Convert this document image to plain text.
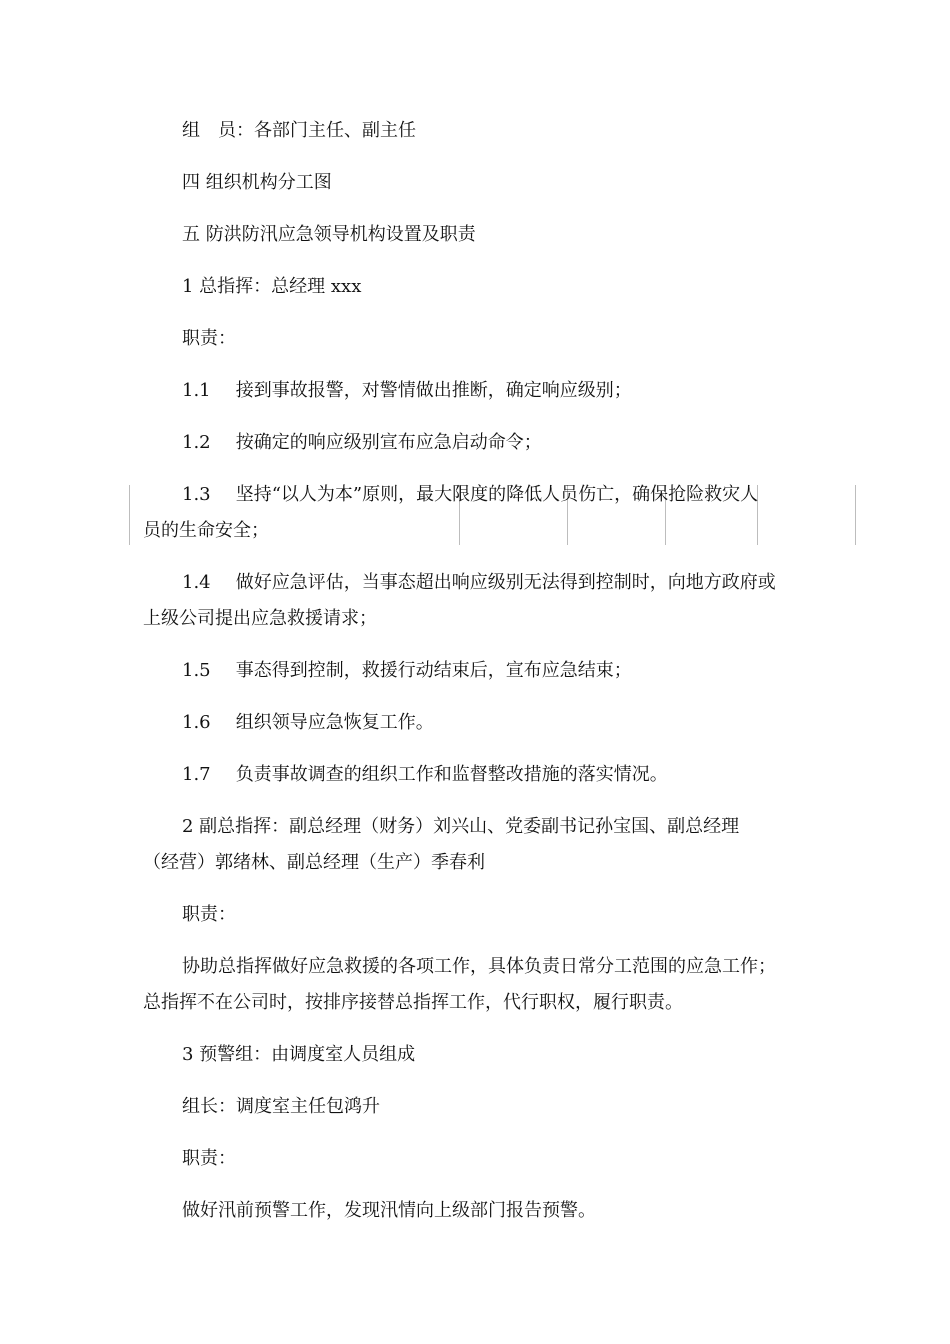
组　员：各部门主任、副主任
四 组织机构分工图
五 防洪防汛应急领导机构设置及职责
1 总指挥：总经理 xxx
职责：
1.1 接到事故报警，对警情做出推断，确定响应级别；
1.2 按确定的响应级别宣布应急启动命令；
1.3 坚持“以人为本”原则，最大限度的降低人员伤亡，确保抢险救灾人
员的生命安全；
1.4 做好应急评估，当事态超出响应级别无法得到控制时，向地方政府或
上级公司提出应急救援请求；
1.5 事态得到控制，救援行动结束后，宣布应急结束；
1.6 组织领导应急恢复工作。
1.7 负责事故调查的组织工作和监督整改措施的落实情况。
2 副总指挥：副总经理（财务）刘兴山、党委副书记孙宝国、副总经理
（经营）郭绪林、副总经理（生产）季春利
职责：
协助总指挥做好应急救援的各项工作，具体负责日常分工范围的应急工作；
总指挥不在公司时，按排序接替总指挥工作，代行职权，履行职责。
3 预警组：由调度室人员组成
组长：调度室主任包鸿升
职责：
做好汛前预警工作，发现汛情向上级部门报告预警。
